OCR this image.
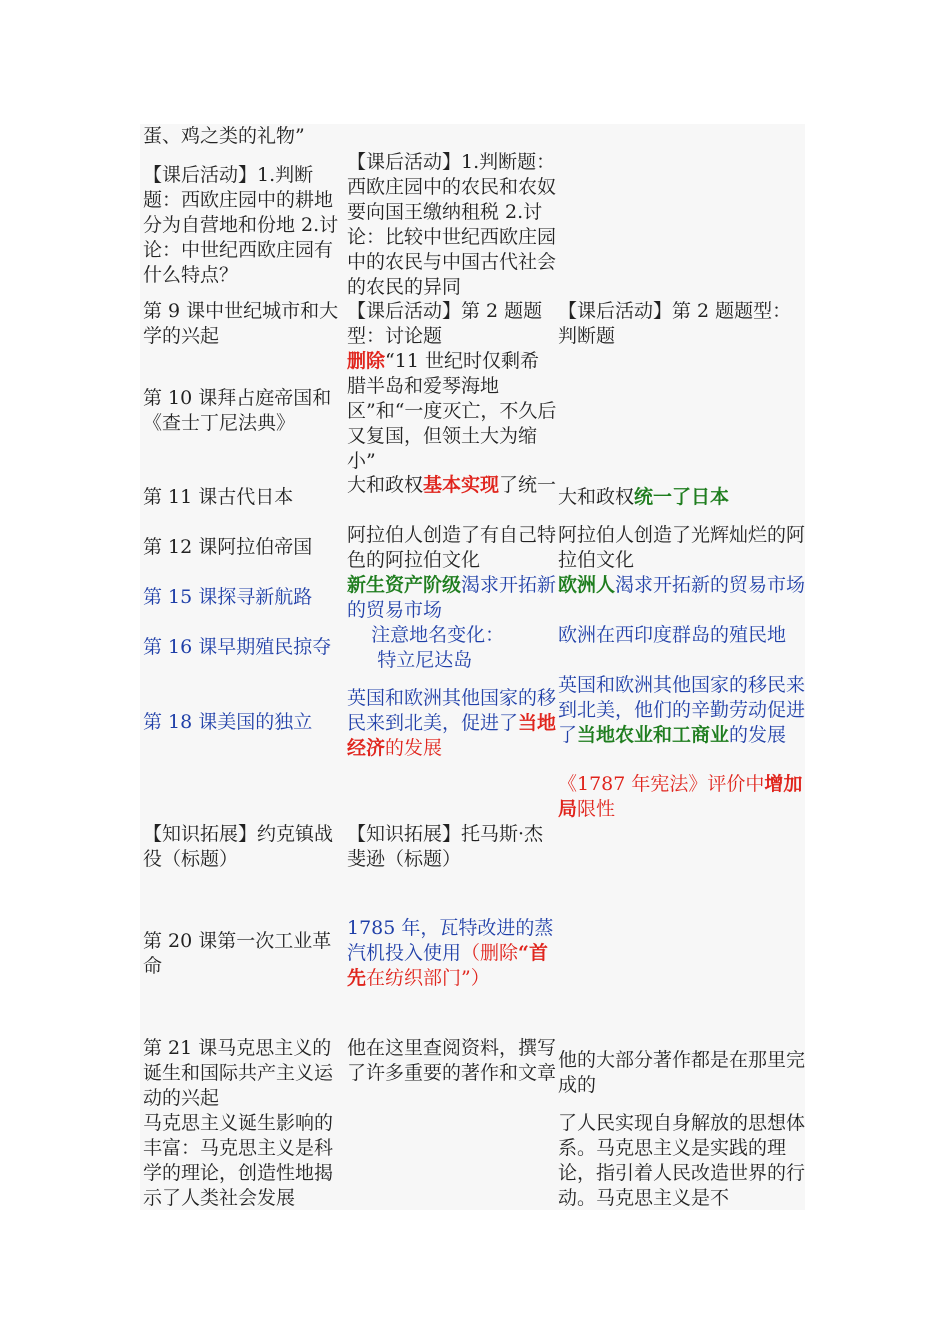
蛋、鸡之类的礼物”
【课后活动】1.判断题：西欧庄园中的耕地分为自营地和份地 2.讨论：中世纪西欧庄园有什么特点？
【课后活动】1.判断题：西欧庄园中的农民和农奴要向国王缴纳租税 2.讨论：比较中世纪西欧庄园中的农民与中国古代社会的农民的异同
第 9 课中世纪城市和大学的兴起
【课后活动】第 2 题题型：讨论题
【课后活动】第 2 题题型：判断题
第 10 课拜占庭帝国和《查士丁尼法典》
删除“11 世纪时仅剩希腊半岛和爱琴海地区”和“一度灭亡，不久后又复国，但领土大为缩小”
第 11 课古代日本
大和政权基本实现了统一
大和政权统一了日本
第 12 课阿拉伯帝国
阿拉伯人创造了有自己特色的阿拉伯文化
阿拉伯人创造了光辉灿烂的阿拉伯文化
第 15 课探寻新航路
新生资产阶级渴求开拓新的贸易市场
欧洲人渴求开拓新的贸易市场
第 16 课早期殖民掠夺
注意地名变化：
特立尼达岛
欧洲在西印度群岛的殖民地
第 18 课美国的独立
英国和欧洲其他国家的移民来到北美，促进了当地经济的发展
英国和欧洲其他国家的移民来到北美，他们的辛勤劳动促进了当地农业和工商业的发展
《1787 年宪法》评价中增加局限性
【知识拓展】约克镇战役（标题）
【知识拓展】托马斯·杰斐逊（标题）
第 20 课第一次工业革命
1785 年，瓦特改进的蒸汽机投入使用（删除“首先在纺织部门”）
第 21 课马克思主义的诞生和国际共产主义运动的兴起
他在这里查阅资料，撰写了许多重要的著作和文章
他的大部分著作都是在那里完成的
马克思主义诞生影响的丰富：马克思主义是科学的理论，创造性地揭示了人类社会发展
了人民实现自身解放的思想体系。马克思主义是实践的理论，指引着人民改造世界的行动。马克思主义是不
